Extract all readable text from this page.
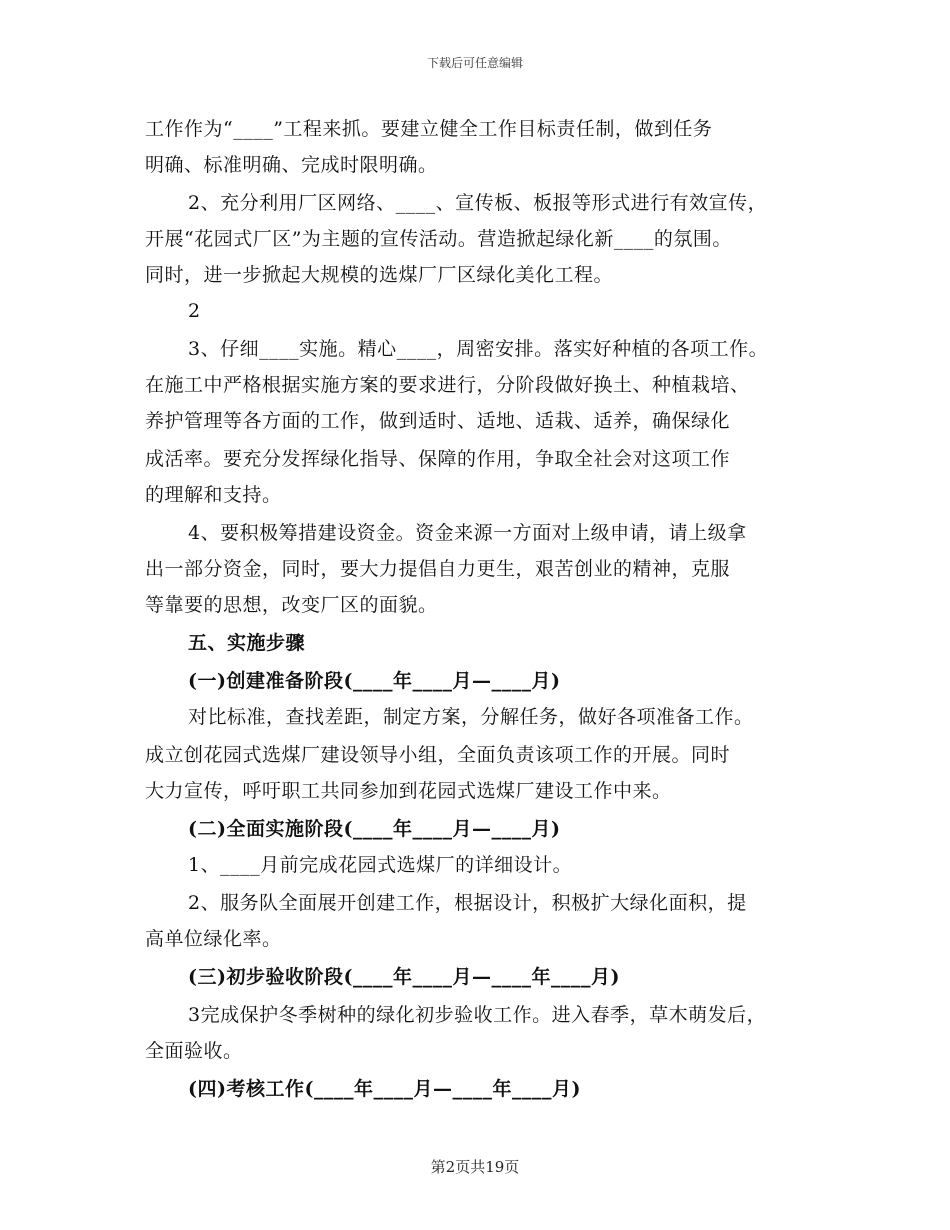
下载后可任意编辑
工作作为“____”工程来抓。要建立健全工作目标责任制，做到任务
明确、标准明确、完成时限明确。
2、充分利用厂区网络、____、宣传板、板报等形式进行有效宣传，
开展“花园式厂区”为主题的宣传活动。营造掀起绿化新____的氛围。
同时，进一步掀起大规模的选煤厂厂区绿化美化工程。
2
3、仔细____实施。精心____，周密安排。落实好种植的各项工作。
在施工中严格根据实施方案的要求进行，分阶段做好换土、种植栽培、
养护管理等各方面的工作，做到适时、适地、适栽、适养，确保绿化
成活率。要充分发挥绿化指导、保障的作用，争取全社会对这项工作
的理解和支持。
4、要积极筹措建设资金。资金来源一方面对上级申请，请上级拿
出一部分资金，同时，要大力提倡自力更生，艰苦创业的精神，克服
等靠要的思想，改变厂区的面貌。
五、实施步骤
(一)创建准备阶段(____年____月—____月)
对比标准，查找差距，制定方案，分解任务，做好各项准备工作。
成立创花园式选煤厂建设领导小组，全面负责该项工作的开展。同时
大力宣传，呼吁职工共同参加到花园式选煤厂建设工作中来。
(二)全面实施阶段(____年____月—____月)
1、____月前完成花园式选煤厂的详细设计。
2、服务队全面展开创建工作，根据设计，积极扩大绿化面积，提
高单位绿化率。
(三)初步验收阶段(____年____月—____年____月)
3完成保护冬季树种的绿化初步验收工作。进入春季，草木萌发后，
全面验收。
(四)考核工作(____年____月—____年____月)
第2页共19页
